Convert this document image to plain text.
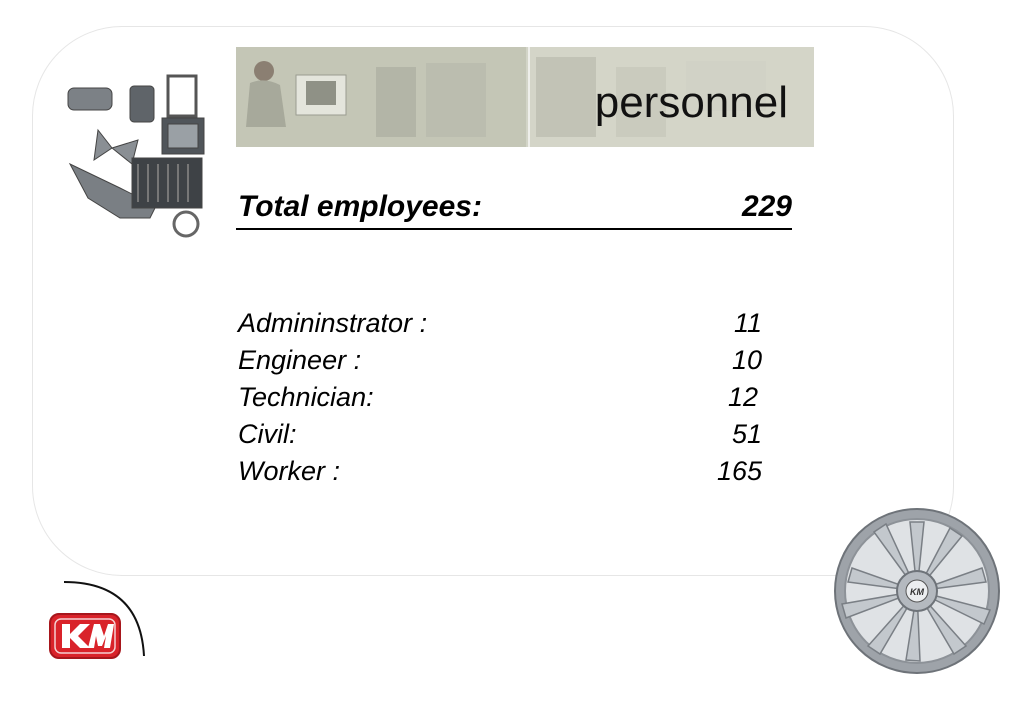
personnel
Total employees:	229
Admininstrator :	11
Engineer :	10
Technician:	12
Civil:	51
Worker :	165
KM
